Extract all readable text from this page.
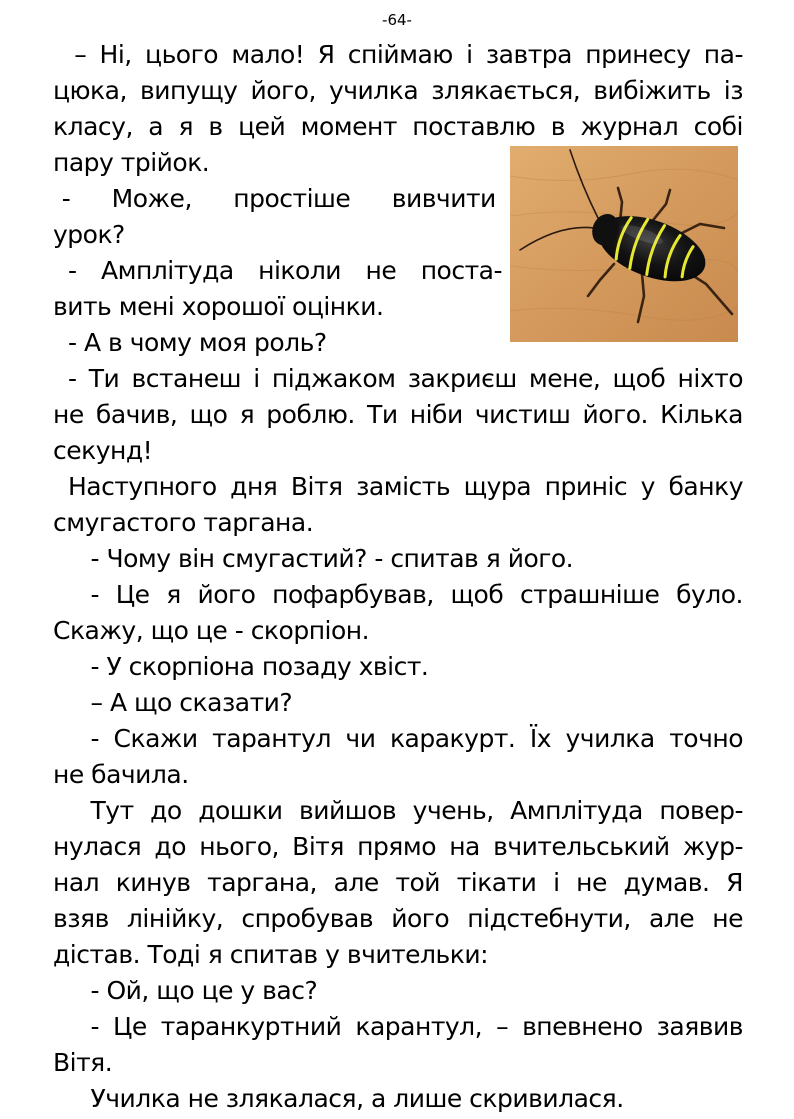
-64-
– Ні, цього мало! Я спіймаю і завтра принесу па-
цюка, випущу його, училка злякається, вибіжить із
класу, а я в цей момент поставлю в журнал собі
пару трійок.
- Може, простіше вивчити
урок?
- Амплітуда ніколи не поста-
вить мені хорошої оцінки.
- А в чому моя роль?
- Ти встанеш і піджаком закриєш мене, щоб ніхто
не бачив, що я роблю. Ти ніби чистиш його. Кілька
секунд!
Наступного дня Вітя замість щура приніс у банку
смугастого таргана.
- Чому він смугастий? - спитав я його.
- Це я його пофарбував, щоб страшніше було.
Скажу, що це - скорпіон.
- У скорпіона позаду хвіст.
– А що сказати?
- Скажи тарантул чи каракурт. Їх училка точно
не бачила.
Тут до дошки вийшов учень, Амплітуда повер-
нулася до нього, Вітя прямо на вчительський жур-
нал кинув таргана, але той тікати і не думав. Я
взяв лінійку, спробував його підстебнути, але не
дістав. Тоді я спитав у вчительки:
- Ой, що це у вас?
- Це таранкуртний карантул, – впевнено заявив
Вітя.
Училка не злякалася, а лише скривилася.
